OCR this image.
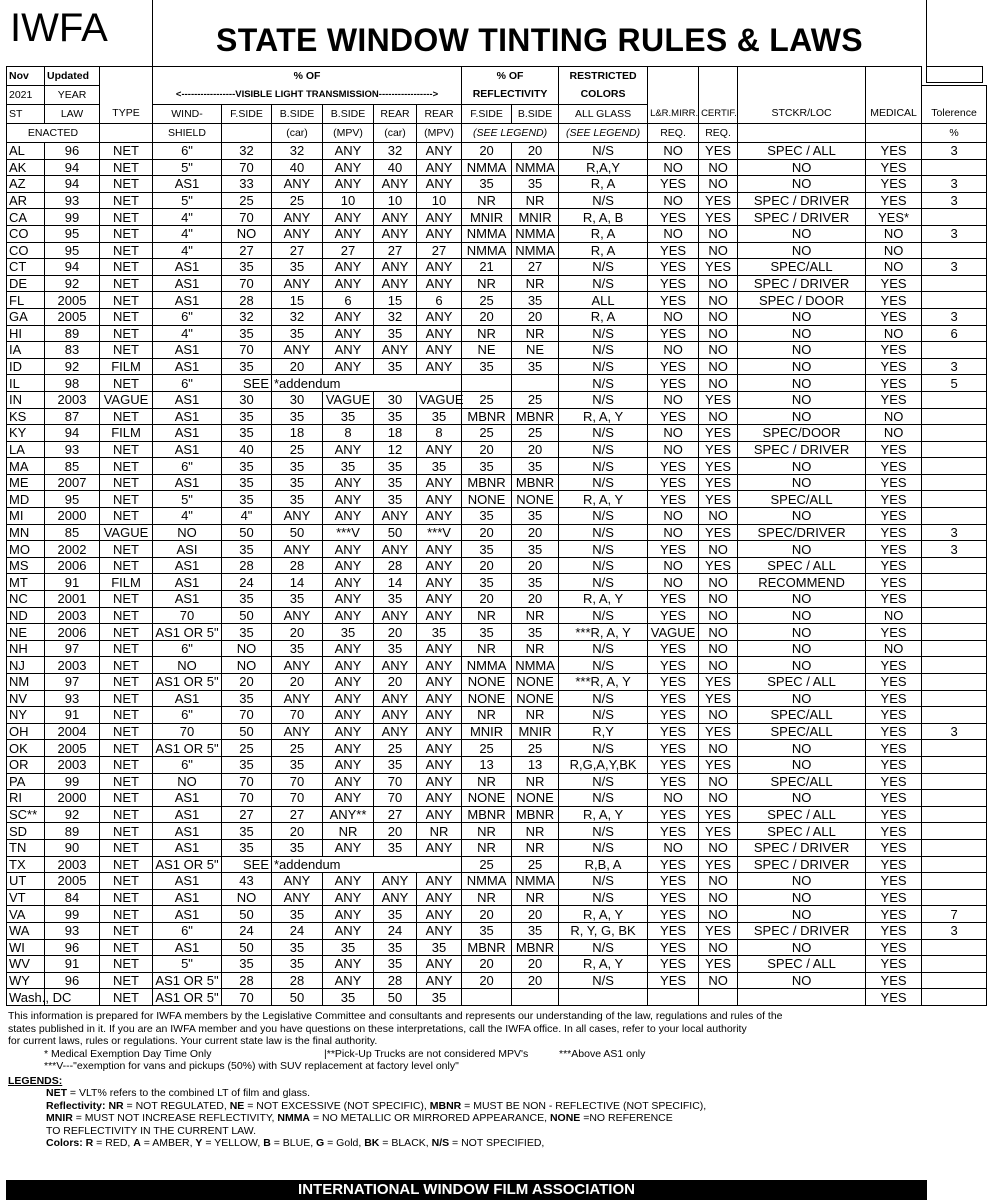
IWFA	STATE WINDOW TINTING RULES & LAWS
Nov	Updated		% OF						% OF		RESTRICTED					
2021	YEAR		<-----------------VISIBLE LIGHT TRANSMISSION----------------->						REFLECTIVITY		COLORS					
ST	LAW	TYPE	WIND-	F.SIDE	B.SIDE	B.SIDE	REAR	REAR	F.SIDE	B.SIDE	ALL GLASS	L&R.MIRR.	CERTIF.	STCKR/LOC	MEDICAL	Tolerence
ENACTED			SHIELD		(car)	(MPV)	(car)	(MPV)	(SEE LEGEND)		(SEE LEGEND)	REQ.	REQ.			%
AL	96	NET	6"	32	32	ANY	32	ANY	20	20	N/S	NO	YES	SPEC / ALL	YES	3
AK	94	NET	5"	70	40	ANY	40	ANY	NMMA	NMMA	R,A,Y	NO	NO	NO	YES	
AZ	94	NET	AS1	33	ANY	ANY	ANY	ANY	35	35	R, A	YES	NO	NO	YES	3
AR	93	NET	5"	25	25	10	10	10	NR	NR	N/S	NO	YES	SPEC / DRIVER	YES	3
CA	99	NET	4"	70	ANY	ANY	ANY	ANY	MNIR	MNIR	R, A, B	YES	YES	SPEC / DRIVER	YES*	
CO	95	NET	4"	NO	ANY	ANY	ANY	ANY	NMMA	NMMA	R, A	NO	NO	NO	NO	3
CO	95	NET	4"	27	27	27	27	27	NMMA	NMMA	R, A	YES	NO	NO	NO	
CT	94	NET	AS1	35	35	ANY	ANY	ANY	21	27	N/S	YES	YES	SPEC/ALL	NO	3
DE	92	NET	AS1	70	ANY	ANY	ANY	ANY	NR	NR	N/S	YES	NO	SPEC / DRIVER	YES	
FL	2005	NET	AS1	28	15	6	15	6	25	35	ALL	YES	NO	SPEC / DOOR	YES	
GA	2005	NET	6"	32	32	ANY	32	ANY	20	20	R, A	NO	NO	NO	YES	3
HI	89	NET	4"	35	35	ANY	35	ANY	NR	NR	N/S	YES	NO	NO	NO	6
IA	83	NET	AS1	70	ANY	ANY	ANY	ANY	NE	NE	N/S	NO	NO	NO	YES	
ID	92	FILM	AS1	35	20	ANY	35	ANY	35	35	N/S	YES	NO	NO	YES	3
IL	98	NET	6"	SEE	*addendum						N/S	YES	NO	NO	YES	5
IN	2003	VAGUE	AS1	30	30	VAGUE	30	VAGUE	25	25	N/S	NO	YES	NO	YES	
KS	87	NET	AS1	35	35	35	35	35	MBNR	MBNR	R, A, Y	YES	NO	NO	NO	
KY	94	FILM	AS1	35	18	8	18	8	25	25	N/S	NO	YES	SPEC/DOOR	NO	
LA	93	NET	AS1	40	25	ANY	12	ANY	20	20	N/S	NO	YES	SPEC / DRIVER	YES	
MA	85	NET	6"	35	35	35	35	35	35	35	N/S	YES	YES	NO	YES	
ME	2007	NET	AS1	35	35	ANY	35	ANY	MBNR	MBNR	N/S	YES	YES	NO	YES	
MD	95	NET	5"	35	35	ANY	35	ANY	NONE	NONE	R, A, Y	YES	YES	SPEC/ALL	YES	
MI	2000	NET	4"	4"	ANY	ANY	ANY	ANY	35	35	N/S	NO	NO	NO	YES	
MN	85	VAGUE	NO	50	50	***V	50	***V	20	20	N/S	NO	YES	SPEC/DRIVER	YES	3
MO	2002	NET	ASI	35	ANY	ANY	ANY	ANY	35	35	N/S	YES	NO	NO	YES	3
MS	2006	NET	AS1	28	28	ANY	28	ANY	20	20	N/S	NO	YES	SPEC / ALL	YES	
MT	91	FILM	AS1	24	14	ANY	14	ANY	35	35	N/S	NO	NO	RECOMMEND	YES	
NC	2001	NET	AS1	35	35	ANY	35	ANY	20	20	R, A, Y	YES	NO	NO	YES	
ND	2003	NET	70	50	ANY	ANY	ANY	ANY	NR	NR	N/S	YES	NO	NO	NO	
NE	2006	NET	AS1 OR 5"	35	20	35	20	35	35	35	***R, A, Y	VAGUE	NO	NO	YES	
NH	97	NET	6"	NO	35	ANY	35	ANY	NR	NR	N/S	YES	NO	NO	NO	
NJ	2003	NET	NO	NO	ANY	ANY	ANY	ANY	NMMA	NMMA	N/S	YES	NO	NO	YES	
NM	97	NET	AS1 OR 5"	20	20	ANY	20	ANY	NONE	NONE	***R, A, Y	YES	YES	SPEC / ALL	YES	
NV	93	NET	AS1	35	ANY	ANY	ANY	ANY	NONE	NONE	N/S	YES	YES	NO	YES	
NY	91	NET	6"	70	70	ANY	ANY	ANY	NR	NR	N/S	YES	NO	SPEC/ALL	YES	
OH	2004	NET	70	50	ANY	ANY	ANY	ANY	MNIR	MNIR	R,Y	YES	YES	SPEC/ALL	YES	3
OK	2005	NET	AS1 OR 5"	25	25	ANY	25	ANY	25	25	N/S	YES	NO	NO	YES	
OR	2003	NET	6"	35	35	ANY	35	ANY	13	13	R,G,A,Y,BK	YES	YES	NO	YES	
PA	99	NET	NO	70	70	ANY	70	ANY	NR	NR	N/S	YES	NO	SPEC/ALL	YES	
RI	2000	NET	AS1	70	70	ANY	70	ANY	NONE	NONE	N/S	NO	NO	NO	YES	
SC**	92	NET	AS1	27	27	ANY**	27	ANY	MBNR	MBNR	R, A, Y	YES	YES	SPEC / ALL	YES	
SD	89	NET	AS1	35	20	NR	20	NR	NR	NR	N/S	YES	YES	SPEC / ALL	YES	
TN	90	NET	AS1	35	35	ANY	35	ANY	NR	NR	N/S	NO	NO	SPEC / DRIVER	YES	
TX	2003	NET	AS1 OR 5"	SEE	*addendum				25	25	R,B, A	YES	YES	SPEC / DRIVER	YES	
UT	2005	NET	AS1	43	ANY	ANY	ANY	ANY	NMMA	NMMA	N/S	YES	NO	NO	YES	
VT	84	NET	AS1	NO	ANY	ANY	ANY	ANY	NR	NR	N/S	YES	NO	NO	YES	
VA	99	NET	AS1	50	35	ANY	35	ANY	20	20	R, A, Y	YES	NO	NO	YES	7
WA	93	NET	6"	24	24	ANY	24	ANY	35	35	R, Y, G, BK	YES	YES	SPEC / DRIVER	YES	3
WI	96	NET	AS1	50	35	35	35	35	MBNR	MBNR	N/S	YES	NO	NO	YES	
WV	91	NET	5"	35	35	ANY	35	ANY	20	20	R, A, Y	YES	YES	SPEC / ALL	YES	
WY	96	NET	AS1 OR 5"	28	28	ANY	28	ANY	20	20	N/S	YES	NO	NO	YES	
Wash., DC		NET	AS1 OR 5"	70	50	35	50	35							YES	
This information is prepared for IWFA members by the Legislative Committee and consultants and represents our understanding of the law, regulations and rules of the
states published in it. If you are an IWFA member and you have questions on these interpretations, call the IWFA office. In all cases, refer to your local authority
for current laws, rules or regulations. Your current state law is the final authority.
* Medical Exemption Day Time Only	|**Pick-Up Trucks are not considered MPV's	***Above AS1 only
***V---"exemption for vans and pickups (50%) with SUV replacement at factory level only"
LEGENDS:
NET = VLT% refers to the combined LT of film and glass.
Reflectivity: NR = NOT REGULATED, NE = NOT EXCESSIVE (NOT SPECIFIC), MBNR = MUST BE NON - REFLECTIVE (NOT SPECIFIC),
MNIR = MUST NOT INCREASE REFLECTIVITY, NMMA = NO METALLIC OR MIRRORED APPEARANCE, NONE =NO REFERENCE
TO REFLECTIVITY IN THE CURRENT LAW.
Colors: R = RED, A = AMBER, Y = YELLOW, B = BLUE, G = Gold, BK = BLACK, N/S = NOT SPECIFIED,
INTERNATIONAL WINDOW FILM ASSOCIATION
